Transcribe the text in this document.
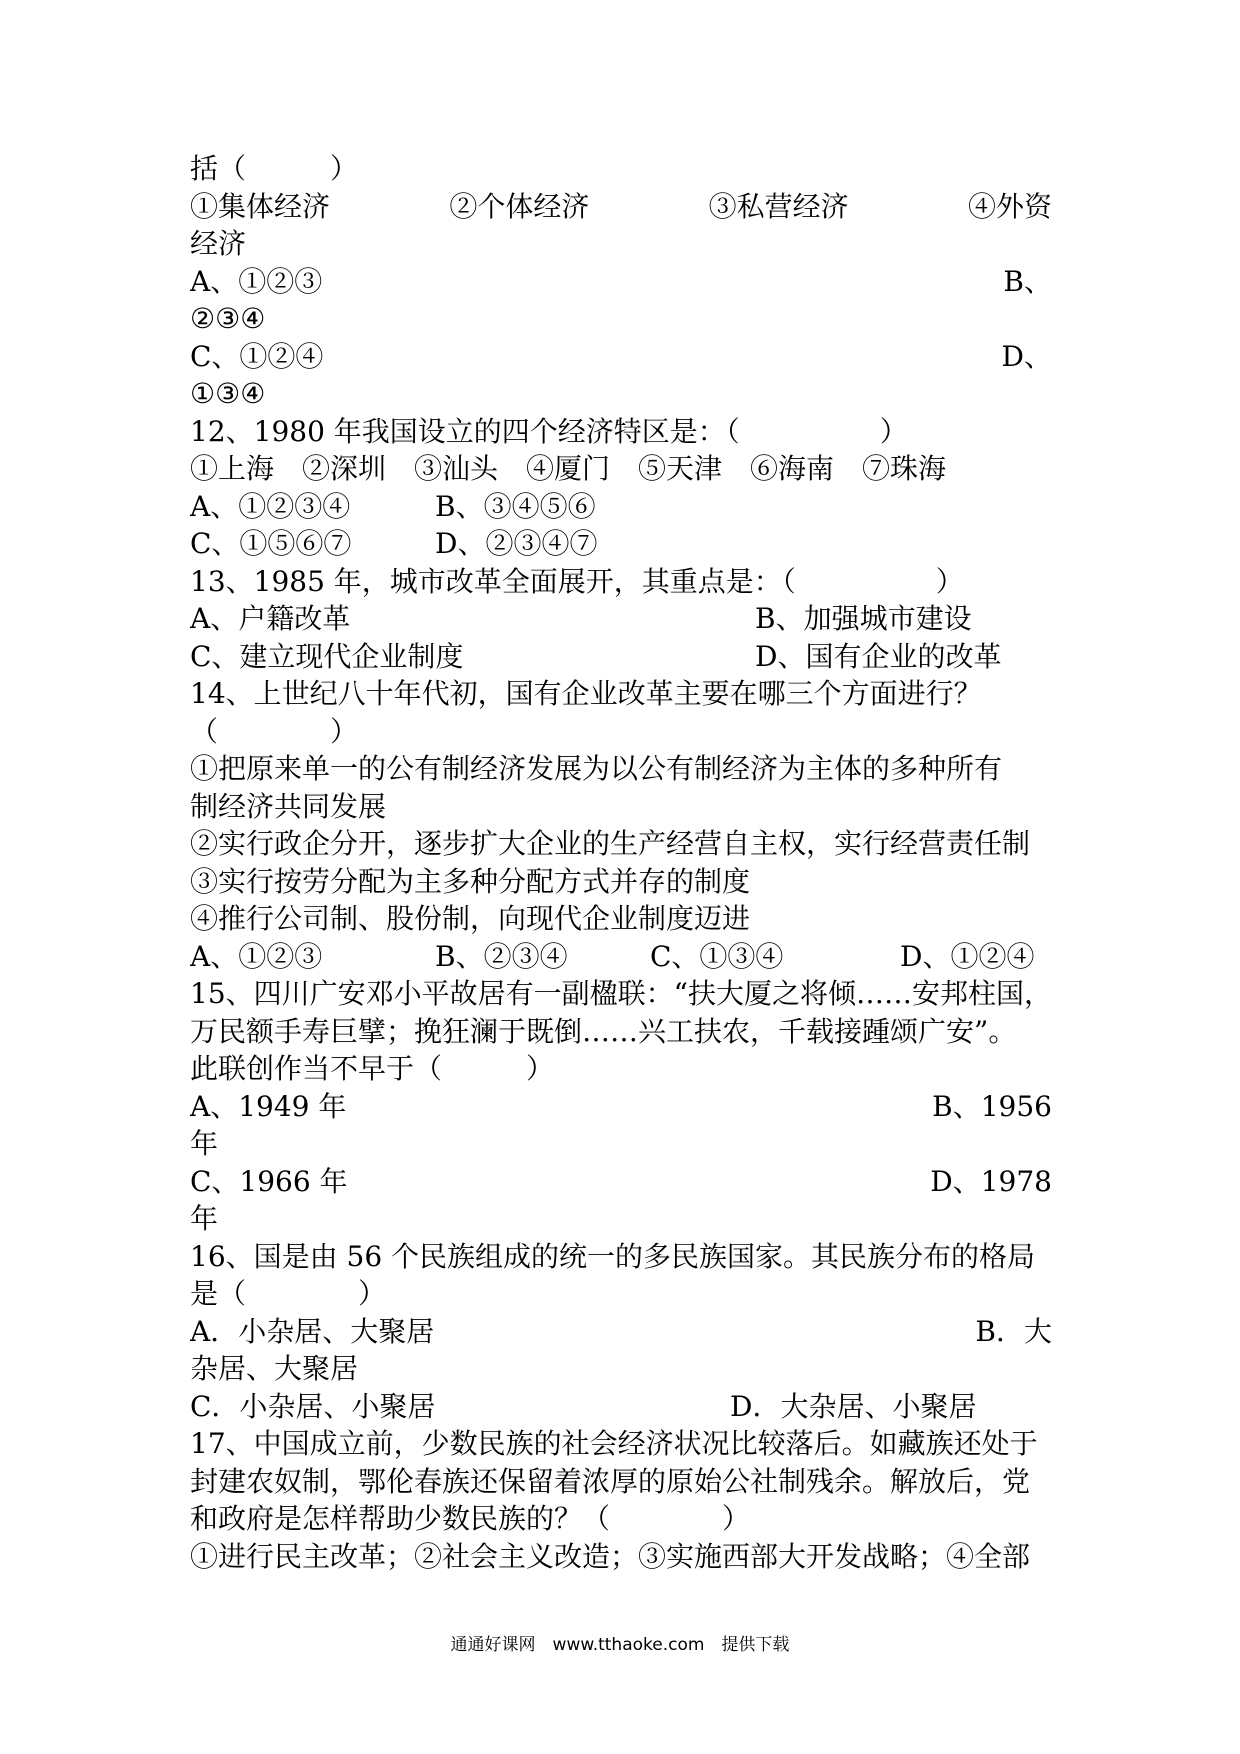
括（　　　）
①集体经济	②个体经济	③私营经济	④外资
经济
A、①②③	B、
②③④
C、①②④	D、
①③④
12、1980 年我国设立的四个经济特区是：（　　　　　）
①上海　②深圳　③汕头　④厦门　⑤天津　⑥海南　⑦珠海
A、①②③④	B、③④⑤⑥
C、①⑤⑥⑦	D、②③④⑦
13、1985 年，城市改革全面展开，其重点是：（　　　　　）
A、户籍改革	B、加强城市建设
C、建立现代企业制度	D、国有企业的改革
14、上世纪八十年代初，国有企业改革主要在哪三个方面进行？
（　　　　）
①把原来单一的公有制经济发展为以公有制经济为主体的多种所有
制经济共同发展
②实行政企分开，逐步扩大企业的生产经营自主权，实行经营责任制
③实行按劳分配为主多种分配方式并存的制度
④推行公司制、股份制，向现代企业制度迈进
A、①②③	B、②③④	C、①③④	D、①②④
15、四川广安邓小平故居有一副楹联：“扶大厦之将倾……安邦柱国，
万民额手寿巨擘；挽狂澜于既倒……兴工扶农，千载接踵颂广安”。
此联创作当不早于（　　　）
A、1949 年	B、1956
年
C、1966 年	D、1978
年
16、国是由 56 个民族组成的统一的多民族国家。其民族分布的格局
是（　　　　）
A．小杂居、大聚居	B．大
杂居、大聚居
C．小杂居、小聚居	D．大杂居、小聚居
17、中国成立前，少数民族的社会经济状况比较落后。如藏族还处于
封建农奴制，鄂伦春族还保留着浓厚的原始公社制残余。解放后，党
和政府是怎样帮助少数民族的？（　　　　）
①进行民主改革；②社会主义改造；③实施西部大开发战略；④全部
通通好课网　www.tthaoke.com　提供下载
